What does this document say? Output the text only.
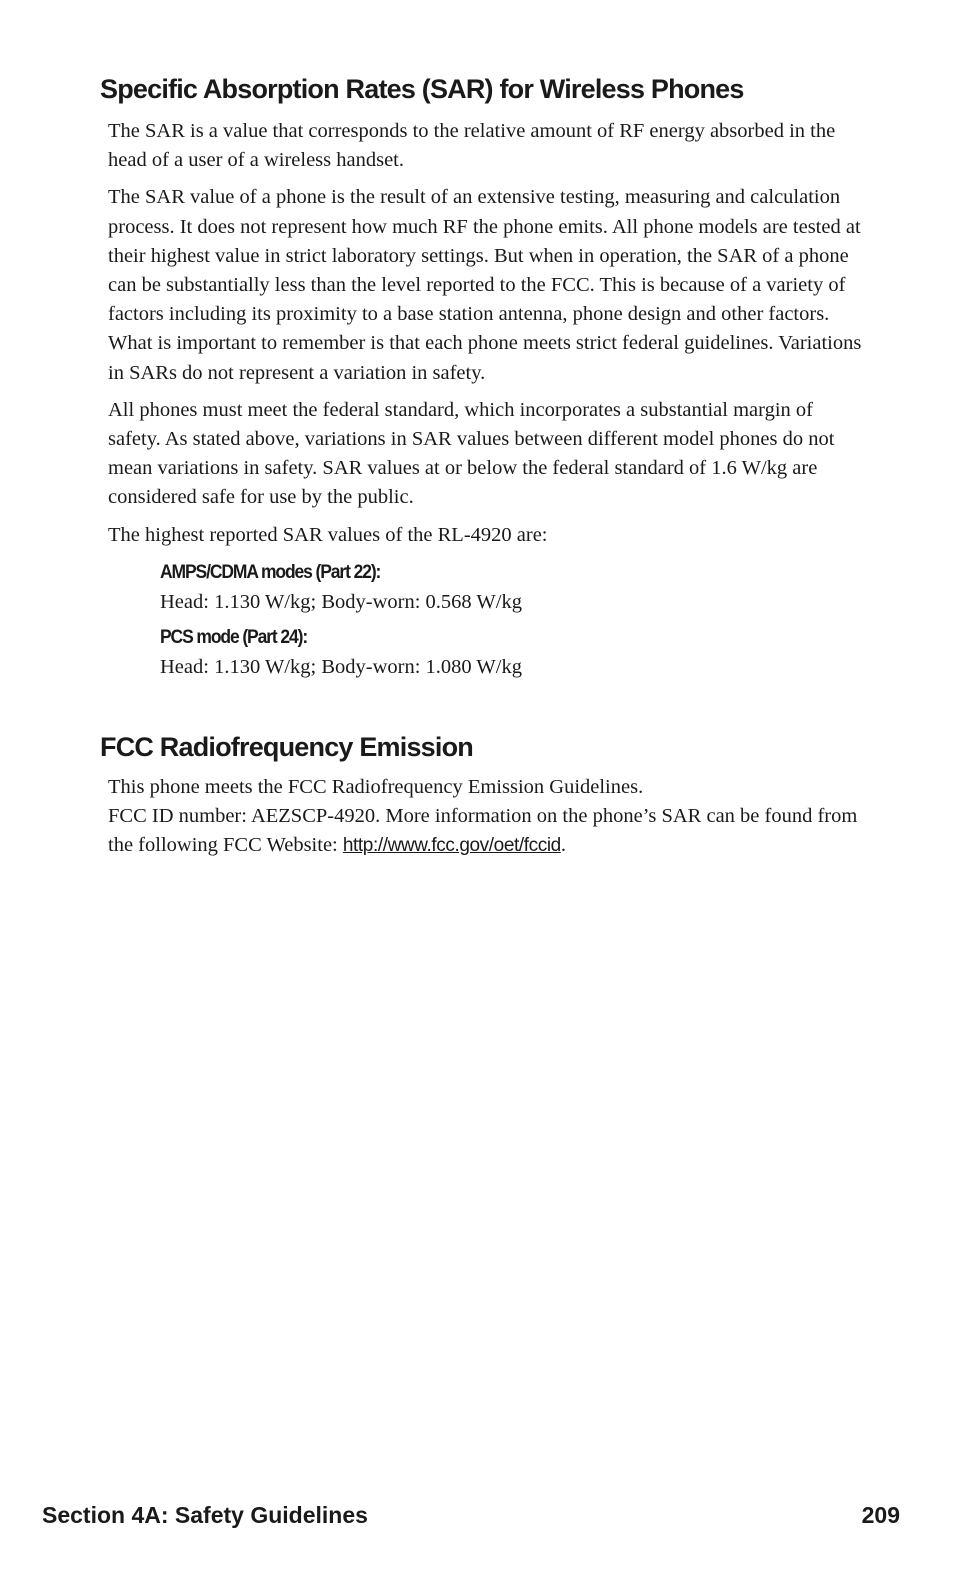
Specific Absorption Rates (SAR) for Wireless Phones

The SAR is a value that corresponds to the relative amount of RF energy absorbed in the head of a user of a wireless handset.

The SAR value of a phone is the result of an extensive testing, measuring and calculation process. It does not represent how much RF the phone emits. All phone models are tested at their highest value in strict laboratory settings. But when in operation, the SAR of a phone can be substantially less than the level reported to the FCC. This is because of a variety of factors including its proximity to a base station antenna, phone design and other factors. What is important to remember is that each phone meets strict federal guidelines. Variations in SARs do not represent a variation in safety.

All phones must meet the federal standard, which incorporates a substantial margin of safety. As stated above, variations in SAR values between different model phones do not mean variations in safety. SAR values at or below the federal standard of 1.6 W/kg are considered safe for use by the public.

The highest reported SAR values of the RL-4920 are:

AMPS/CDMA modes (Part 22):
Head: 1.130 W/kg; Body-worn: 0.568 W/kg
PCS mode (Part 24):
Head: 1.130 W/kg; Body-worn: 1.080 W/kg
FCC Radiofrequency Emission

This phone meets the FCC Radiofrequency Emission Guidelines.

FCC ID number: AEZSCP-4920. More information on the phone’s SAR can be found from the following FCC Website: http://www.fcc.gov/oet/fccid.

Section 4A: Safety Guidelines	209
